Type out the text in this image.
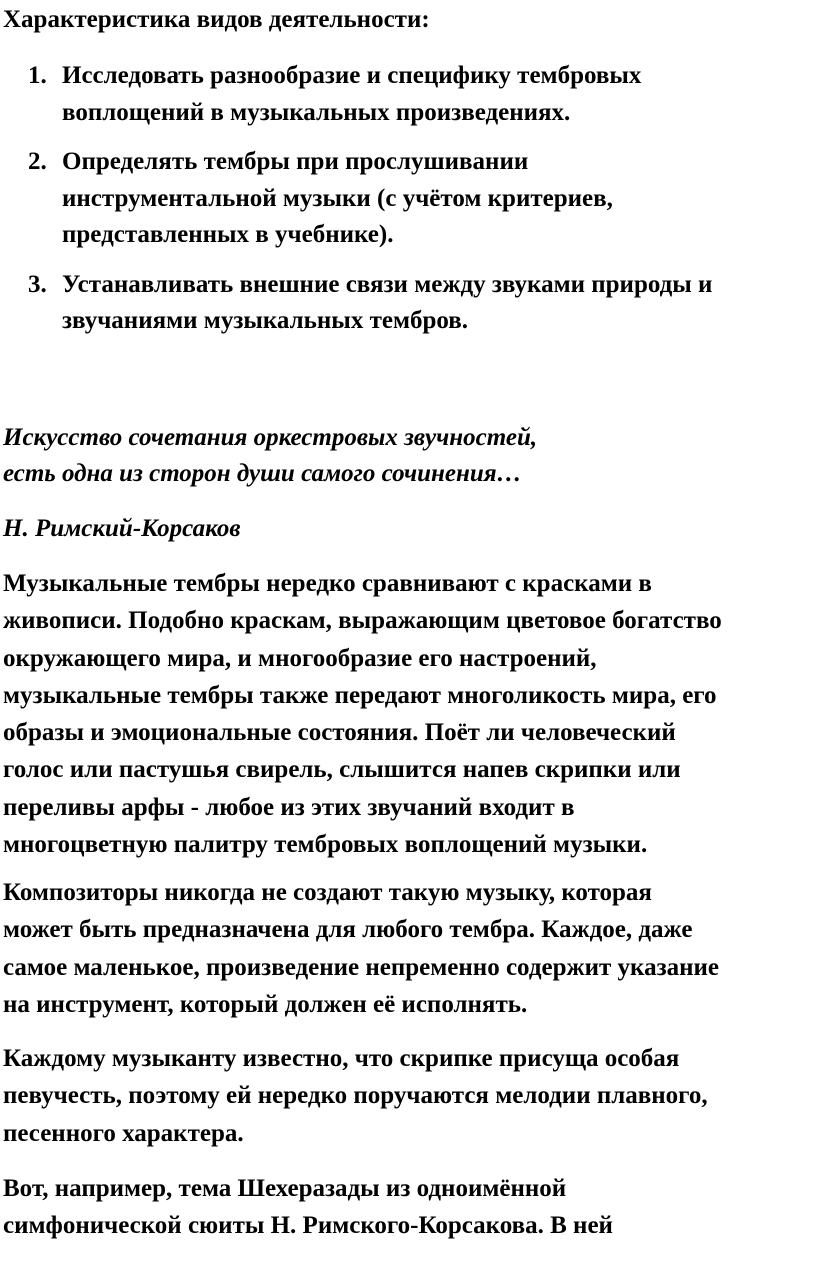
Характеристика видов деятельности:

1. Исследовать разнообразие и специфику тембровых
воплощений в музыкальных произведениях.
2. Определять тембры при прослушивании
инструментальной музыки (с учётом критериев,
представленных в учебнике).
3. Устанавливать внешние связи между звуками природы и
звучаниями музыкальных тембров.
Искусство сочетания оркестровых звучностей,
есть одна из сторон души самого сочинения…

Н. Римский-Корсаков

Музыкальные тембры нередко сравнивают с красками в
живописи. Подобно краскам, выражающим цветовое богатство
окружающего мира, и многообразие его настроений,
музыкальные тембры также передают многоликость мира, его
образы и эмоциональные состояния. Поёт ли человеческий
голос или пастушья свирель, слышится напев скрипки или
переливы арфы - любое из этих звучаний входит в
многоцветную палитру тембровых воплощений музыки.
Композиторы никогда не создают такую музыку, которая
может быть предназначена для любого тембра. Каждое, даже
самое маленькое, произведение непременно содержит указание
на инструмент, который должен её исполнять.
Каждому музыканту известно, что скрипке присуща особая
певучесть, поэтому ей нередко поручаются мелодии плавного,
песенного характера.
Вот, например, тема Шехеразады из одноимённой
симфонической сюиты Н. Римского-Корсакова. В ней
